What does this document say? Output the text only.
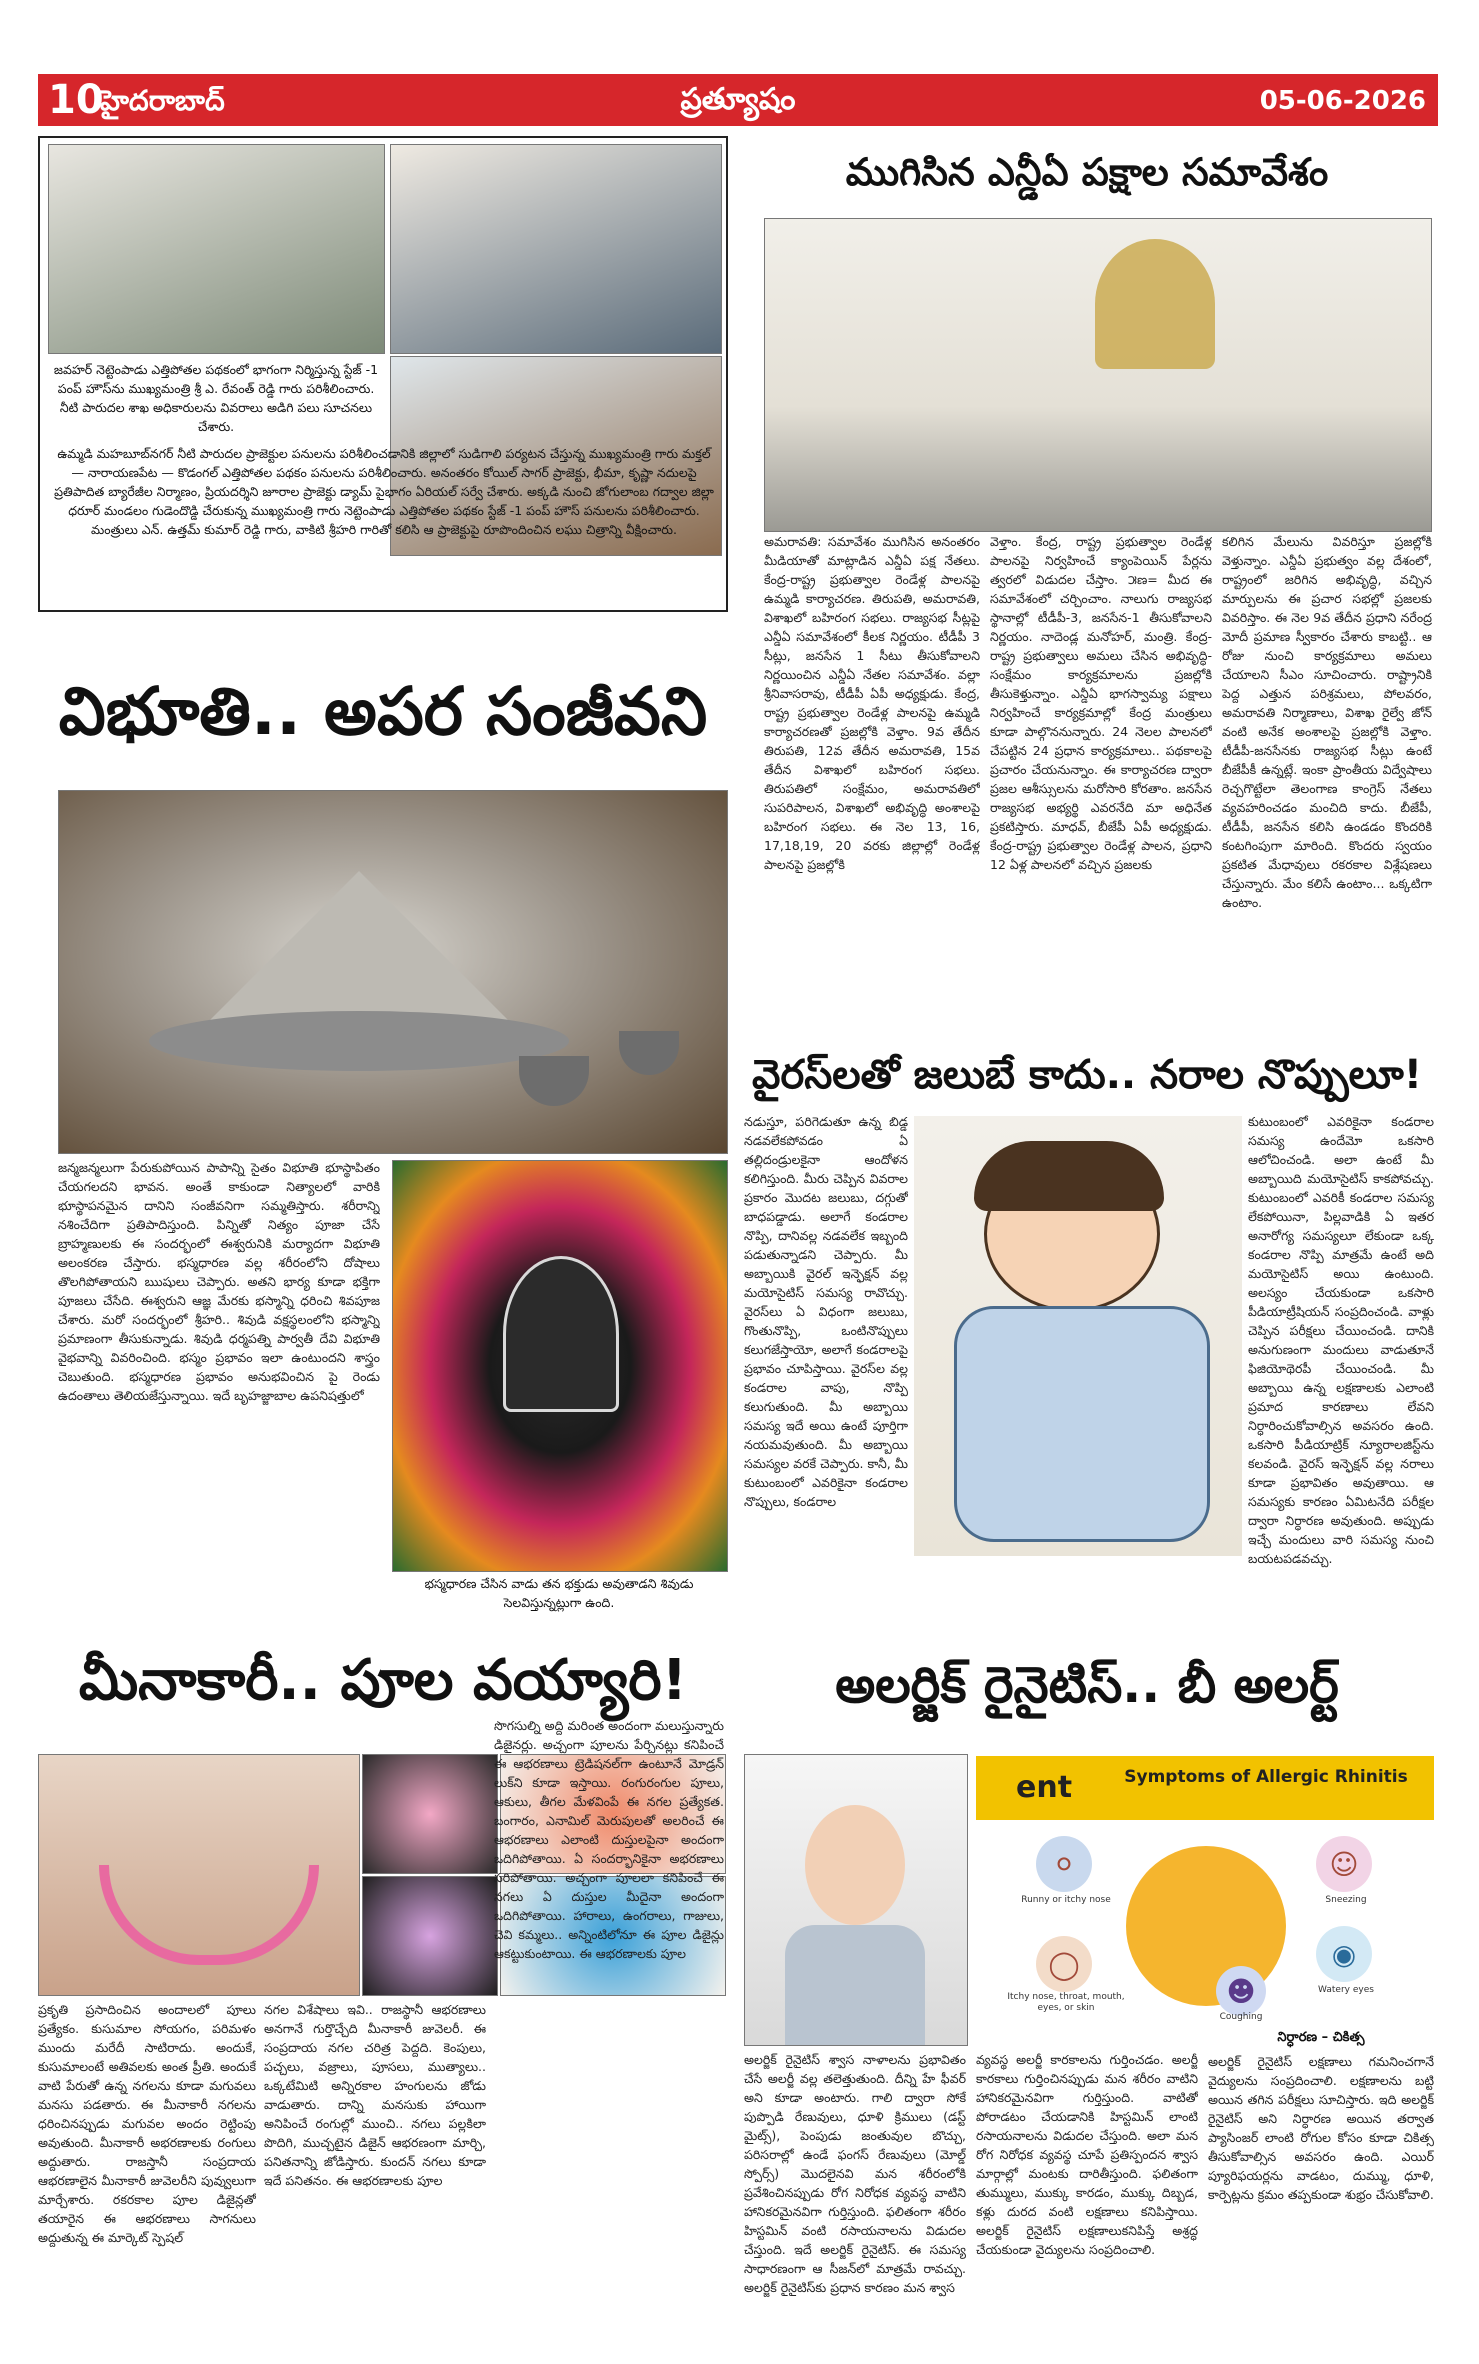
10
హైదరాబాద్	ప్రత్యూషం	05-06-2026
జవహర్ నెట్టెంపాడు ఎత్తిపోతల పథకంలో భాగంగా నిర్మిస్తున్న స్టేజ్ -1 పంప్ హౌస్‌ను ముఖ్యమంత్రి శ్రీ ఎ. రేవంత్ రెడ్డి గారు పరిశీలించారు. నీటి పారుదల శాఖ అధికారులను వివరాలు అడిగి పలు సూచనలు చేశారు.
ఉమ్మడి మహబూబ్‌నగర్ నీటి పారుదల ప్రాజెక్టుల పనులను పరిశీలించడానికి జిల్లాలో సుడిగాలి పర్యటన చేస్తున్న ముఖ్యమంత్రి గారు మక్తల్ — నారాయణపేట — కొడంగల్ ఎత్తిపోతల పథకం పనులను పరిశీలించారు. అనంతరం కోయిల్ సాగర్ ప్రాజెక్టు, భీమా, కృష్ణా నదులపై ప్రతిపాదిత బ్యారేజీల నిర్మాణం, ప్రియదర్శిని జూరాల ప్రాజెక్టు డ్యామ్ పైభాగం ఏరియల్ సర్వే చేశారు. అక్కడి నుంచి జోగులాంబ గద్వాల జిల్లా ధరూర్ మండలం గుడెందొడ్డి చేరుకున్న ముఖ్యమంత్రి గారు నెట్టెంపాడు ఎత్తిపోతల పథకం స్టేజ్ -1 పంప్ హౌస్ పనులను పరిశీలించారు. మంత్రులు ఎన్. ఉత్తమ్ కుమార్ రెడ్డి గారు, వాకిటి శ్రీహరి గారితో కలిసి ఆ ప్రాజెక్టుపై రూపొందించిన లఘు చిత్రాన్ని వీక్షించారు.
ముగిసిన ఎన్డీఏ పక్షాల సమావేశం
అమరావతి: సమావేశం ముగిసిన అనంతరం మీడియాతో మాట్లాడిన ఎన్డీఏ పక్ష నేతలు. కేంద్ర-రాష్ట్ర ప్రభుత్వాల రెండేళ్ల పాలనపై ఉమ్మడి కార్యాచరణ. తిరుపతి, అమరావతి, విశాఖలో బహిరంగ సభలు. రాజ్యసభ సీట్లపై ఎన్డీఏ సమావేశంలో కీలక నిర్ణయం. టీడీపీ 3 సీట్లు, జనసేన 1 సీటు తీసుకోవాలని నిర్ణయించిన ఎన్డీఏ నేతల సమావేశం. వల్లా శ్రీనివాసరావు, టీడీపీ ఏపీ అధ్యక్షుడు. కేంద్ర, రాష్ట్ర ప్రభుత్వాల రెండేళ్ల పాలనపై ఉమ్మడి కార్యాచరణతో ప్రజల్లోకి వెళ్తాం. 9వ తేదీన తిరుపతి, 12వ తేదీన అమరావతి, 15వ తేదీన విశాఖలో బహిరంగ సభలు. తిరుపతిలో సంక్షేమం, అమరావతిలో సుపరిపాలన, విశాఖలో అభివృద్ధి అంశాలపై బహిరంగ సభలు. ఈ నెల 13, 16, 17,18,19, 20 వరకు జిల్లాల్లో రెండేళ్ల పాలనపై ప్రజల్లోకి
వెళ్తాం. కేంద్ర, రాష్ట్ర ప్రభుత్వాల రెండేళ్ల పాలనపై నిర్వహించే క్యాంపెయిన్ పేర్లను త్వరలో విడుదల చేస్తాం. ౫ణ= మీద ఈ సమావేశంలో చర్చించాం. నాలుగు రాజ్యసభ స్థానాల్లో టీడీపీ-3, జనసేన-1 తీసుకోవాలని నిర్ణయం. నాదెండ్ల మనోహర్, మంత్రి. కేంద్ర-రాష్ట్ర ప్రభుత్వాలు అమలు చేసిన అభివృద్ధి-సంక్షేమం కార్యక్రమాలను ప్రజల్లోకి తీసుకెళ్తున్నాం. ఎన్డీఏ భాగస్వామ్య పక్షాలు నిర్వహించే కార్యక్రమాల్లో కేంద్ర మంత్రులు కూడా పాల్గొననున్నారు. 24 నెలల పాలనలో చేపట్టిన 24 ప్రధాన కార్యక్రమాలు.. పథకాలపై ప్రచారం చేయనున్నాం. ఈ కార్యాచరణ ద్వారా ప్రజల ఆశీస్సులను మరోసారి కోరతాం. జనసేన రాజ్యసభ అభ్యర్థి ఎవరనేది మా అధినేత ప్రకటిస్తారు. మాధవ్, బీజేపీ ఏపీ అధ్యక్షుడు. కేంద్ర-రాష్ట్ర ప్రభుత్వాల రెండేళ్ల పాలన, ప్రధాని 12 ఏళ్ల పాలనలో వచ్చిన ప్రజలకు
కలిగిన మేలును వివరిస్తూ ప్రజల్లోకి వెళ్తున్నాం. ఎన్డీఏ ప్రభుత్వం వల్ల దేశంలో, రాష్ట్రంలో జరిగిన అభివృద్ధి, వచ్చిన మార్పులను ఈ ప్రచార సభల్లో ప్రజలకు వివరిస్తాం. ఈ నెల 9వ తేదీన ప్రధాని నరేంద్ర మోదీ ప్రమాణ స్వీకారం చేశారు కాబట్టి.. ఆ రోజు నుంచి కార్యక్రమాలు అమలు చేయాలని సీఎం సూచించారు. రాష్ట్రానికి పెద్ద ఎత్తున పరిశ్రమలు, పోలవరం, అమరావతి నిర్మాణాలు, విశాఖ రైల్వే జోన్ వంటి అనేక అంశాలపై ప్రజల్లోకి వెళ్తాం. టీడీపీ-జనసేనకు రాజ్యసభ సీట్లు ఉంటే బీజేపీకీ ఉన్నట్లే. ఇంకా ప్రాంతీయ విద్వేషాలు రెచ్చగొట్టేలా తెలంగాణ కాంగ్రెస్ నేతలు వ్యవహరించడం మంచిది కాదు. బీజేపీ, టీడీపీ, జనసేన కలిసి ఉండడం కొందరికి కంటగింపుగా మారింది. కొందరు స్వయం ప్రకటిత మేధావులు రకరకాల విశ్లేషణలు చేస్తున్నారు. మేం కలిసే ఉంటాం... ఒక్కటిగా ఉంటాం.
విభూతి.. అపర సంజీవని
జన్మజన్మలుగా పేరుకుపోయిన పాపాన్ని సైతం విభూతి భూస్థాపితం చేయగలదని భావన. అంతే కాకుండా నిత్యాలలో వారికి భూస్థాపనమైన దానిని సంజీవనిగా సమ్మతిస్తారు. శరీరాన్ని నశించేదిగా ప్రతిపాదిస్తుంది. పిన్నితో నిత్యం పూజా చేసే బ్రాహ్మణులకు ఈ సందర్భంలో ఈశ్వరునికి మర్యాదగా విభూతి అలంకరణ చేస్తారు. భస్మధారణ వల్ల శరీరంలోని దోషాలు తొలగిపోతాయని ఋషులు చెప్పారు. అతని భార్య కూడా భక్తిగా పూజలు చేసేది. ఈశ్వరుని ఆజ్ఞ మేరకు భస్మాన్ని ధరించి శివపూజ చేశారు. మరో సందర్భంలో శ్రీహరి.. శివుడి వక్షస్థలంలోని భస్మాన్ని ప్రమాణంగా తీసుకున్నాడు. శివుడి ధర్మపత్ని పార్వతీ దేవి విభూతి వైభవాన్ని వివరించింది. భస్మం ప్రభావం ఇలా ఉంటుందని శాస్త్రం చెబుతుంది. భస్మధారణ ప్రభావం అనుభవించిన పై రెండు ఉదంతాలు తెలియజేస్తున్నాయి. ఇదే బృహజ్జాబాల ఉపనిషత్తులో
భస్మధారణ చేసిన వాడు తన భక్తుడు అవుతాడని శివుడు సెలవిస్తున్నట్లుగా ఉంది.
వైరస్‌లతో జలుబే కాదు.. నరాల నొప్పులూ!
నడుస్తూ, పరిగెడుతూ ఉన్న బిడ్డ నడవలేకపోవడం ఏ తల్లిదండ్రులకైనా ఆందోళన కలిగిస్తుంది. మీరు చెప్పిన వివరాల ప్రకారం మొదట జలుబు, దగ్గుతో బాధపడ్డాడు. అలాగే కండరాల నొప్పి, దానివల్ల నడవలేక ఇబ్బంది పడుతున్నాడని చెప్పారు. మీ అబ్బాయికి వైరల్ ఇన్ఫెక్షన్ వల్ల మయోసైటిస్ సమస్య రావొచ్చు. వైరస్‌లు ఏ విధంగా జలుబు, గొంతునొప్పి, ఒంటినొప్పులు కలుగజేస్తాయో, అలాగే కండరాలపై ప్రభావం చూపిస్తాయి. వైరస్‌ల వల్ల కండరాల వాపు, నొప్పి కలుగుతుంది. మీ అబ్బాయి సమస్య ఇదే అయి ఉంటే పూర్తిగా నయమవుతుంది. మీ అబ్బాయి సమస్యల వరకే చెప్పారు. కానీ, మీ కుటుంబంలో ఎవరికైనా కండరాల నొప్పులు, కండరాల
కుటుంబంలో ఎవరికైనా కండరాల సమస్య ఉందేమో ఒకసారి ఆలోచించండి. అలా ఉంటే మీ అబ్బాయిది మయోసైటిస్ కాకపోవచ్చు. కుటుంబంలో ఎవరికీ కండరాల సమస్య లేకపోయినా, పిల్లవాడికి ఏ ఇతర అనారోగ్య సమస్యలూ లేకుండా ఒక్క కండరాల నొప్పి మాత్రమే ఉంటే అది మయోసైటిస్ అయి ఉంటుంది. అలస్యం చేయకుండా ఒకసారి పీడియాట్రీషియన్ సంప్రదించండి. వాళ్లు చెప్పిన పరీక్షలు చేయించండి. దానికి అనుగుణంగా మందులు వాడుతూనే ఫిజియోథెరపీ చేయించండి. మీ అబ్బాయి ఉన్న లక్షణాలకు ఎలాంటి ప్రమాద కారణాలు లేవని నిర్ధారించుకోవాల్సిన అవసరం ఉంది. ఒకసారి పీడియాట్రిక్ న్యూరాలజిస్ట్‌ను కలవండి. వైరస్ ఇన్ఫెక్షన్ వల్ల నరాలు కూడా ప్రభావితం అవుతాయి. ఆ సమస్యకు కారణం ఏమిటనేది పరీక్షల ద్వారా నిర్ధారణ అవుతుంది. అప్పుడు ఇచ్చే మందులు వారి సమస్య నుంచి బయటపడవచ్చు.
మీనాకారీ.. పూల వయ్యారి!
ప్రకృతి ప్రసాదించిన అందాలలో పూలు ప్రత్యేకం. కుసుమాల సోయగం, పరిమళం ముందు మరేదీ సాటిరాదు. అందుకే, కుసుమాలంటే అతివలకు అంత ప్రీతి. అందుకే వాటి పేరుతో ఉన్న నగలను కూడా మగువలు మనసు పడతారు. ఈ మీనాకారీ నగలను ధరించినప్పుడు మగువల అందం రెట్టింపు అవుతుంది. మీనాకారీ అభరణాలకు రంగులు అద్దుతారు. రాజస్తానీ సంప్రదాయ ఆభరణాలైన మీనాకారీ జువెలరీని పువ్వులుగా మార్చేశారు. రకరకాల పూల డిజైన్లతో తయారైన ఈ ఆభరణాలు సాగనులు అద్దుతున్న ఈ మార్కెట్ స్పెషల్
నగల విశేషాలు ఇవి.. రాజస్థానీ ఆభరణాలు అనగానే గుర్తొచ్చేది మీనాకారీ జువెలరీ. ఈ సంప్రదాయ నగల చరిత్ర పెద్దది. కెంపులు, పచ్చలు, వజ్రాలు, పూసలు, ముత్యాలు.. ఒక్కటేమిటి అన్నిరకాల హంగులను జోడు వాడుతారు. దాన్ని మనసుకు హాయిగా అనిపించే రంగుల్లో ముంచి.. నగలు పల్లకిలా పొదిగి, ముచ్చటైన డిజైన్ ఆభరణంగా మార్చి, పనితనాన్ని జోడిస్తారు. కుందన్ నగలు కూడా ఇదే పనితనం. ఈ ఆభరణాలకు పూల
సొగసుల్ని అద్ది మరింత అందంగా మలుస్తున్నారు డిజైనర్లు. అచ్చంగా పూలను పేర్చినట్లు కనిపించే ఈ ఆభరణాలు ట్రెడిషనల్‌గా ఉంటూనే మోడ్రన్ లుక్‌ని కూడా ఇస్తాయి. రంగురంగుల పూలు, ఆకులు, తీగల మేళవింపే ఈ నగల ప్రత్యేకత. బంగారం, ఎనామిల్ మెరుపులతో అలరించే ఈ ఆభరణాలు ఎలాంటి దుస్తులపైనా అందంగా ఒదిగిపోతాయి. ఏ సందర్భానికైనా అభరణాలు సరిపోతాయి. అచ్చంగా పూలలా కనిపించే ఈ నగలు ఏ దుస్తుల మీదైనా అందంగా ఒదిగిపోతాయి. హారాలు, ఉంగరాలు, గాజులు, చెవి కమ్మలు.. అన్నింటిలోనూ ఈ పూల డిజైన్లు ఆకట్టుకుంటాయి. ఈ ఆభరణాలకు పూల
అలర్జిక్ రైనైటిస్.. బీ అలర్ట్
ent	Symptoms of Allergic Rhinitis
⚪
Runny or itchy nose
☺
Sneezing
◯
Itchy nose, throat, mouth, eyes, or skin
◉
Watery eyes
☻
Coughing
అలర్జిక్ రైనైటిస్ శ్వాస నాళాలను ప్రభావితం చేసే అలర్జీ వల్ల తలెత్తుతుంది. దీన్ని హే ఫీవర్ అని కూడా అంటారు. గాలి ద్వారా సోకే పుప్పొడి రేణువులు, ధూళి క్రిములు (డస్ట్ మైట్స్), పెంపుడు జంతువుల బొచ్చు, పరిసరాల్లో ఉండే ఫంగస్ రేణువులు (మోల్డ్ స్పోర్స్) మొదలైనవి మన శరీరంలోకి ప్రవేశించినప్పుడు రోగ నిరోధక వ్యవస్థ వాటిని హానికరమైనవిగా గుర్తిస్తుంది. ఫలితంగా శరీరం హిస్టమిన్ వంటి రసాయనాలను విడుదల చేస్తుంది. ఇదే అలర్జిక్ రైనైటిస్. ఈ సమస్య సాధారణంగా ఆ సీజన్‌లో మాత్రమే రావచ్చు. అలర్జిక్ రైనైటిస్‌కు ప్రధాన కారణం మన శ్వాస
వ్యవస్థ అలర్జీ కారకాలను గుర్తించడం. అలర్జీ కారకాలు గుర్తించినప్పుడు మన శరీరం వాటిని హానికరమైనవిగా గుర్తిస్తుంది. వాటితో పోరాడటం చేయడానికి హిస్టమిన్ లాంటి రసాయనాలను విడుదల చేస్తుంది. అలా మన రోగ నిరోధక వ్యవస్థ చూపే ప్రతిస్పందన శ్వాస మార్గాల్లో మంటకు దారితీస్తుంది. ఫలితంగా తుమ్ములు, ముక్కు కారడం, ముక్కు దిబ్బడ, కళ్లు దురద వంటి లక్షణాలు కనిపిస్తాయి. అలర్జిక్ రైనైటిస్ లక్షణాలుకనిపిస్తే అశ్రద్ధ చేయకుండా వైద్యులను సంప్రదించాలి.
నిర్ధారణ – చికిత్స
అలర్జిక్ రైనైటిస్ లక్షణాలు గమనించగానే వైద్యులను సంప్రదించాలి. లక్షణాలను బట్టి అయిన తగిన పరీక్షలు సూచిస్తారు. ఇది అలర్జిక్ రైనైటిస్ అని నిర్ధారణ అయిన తర్వాత ప్యాసింజర్ లాంటి రోగుల కోసం కూడా చికిత్స తీసుకోవాల్సిన అవసరం ఉంది. ఎయిర్ ప్యూరిఫయర్లను వాడటం, దుమ్ము, ధూళి, కార్పెట్లను క్రమం తప్పకుండా శుభ్రం చేసుకోవాలి.
